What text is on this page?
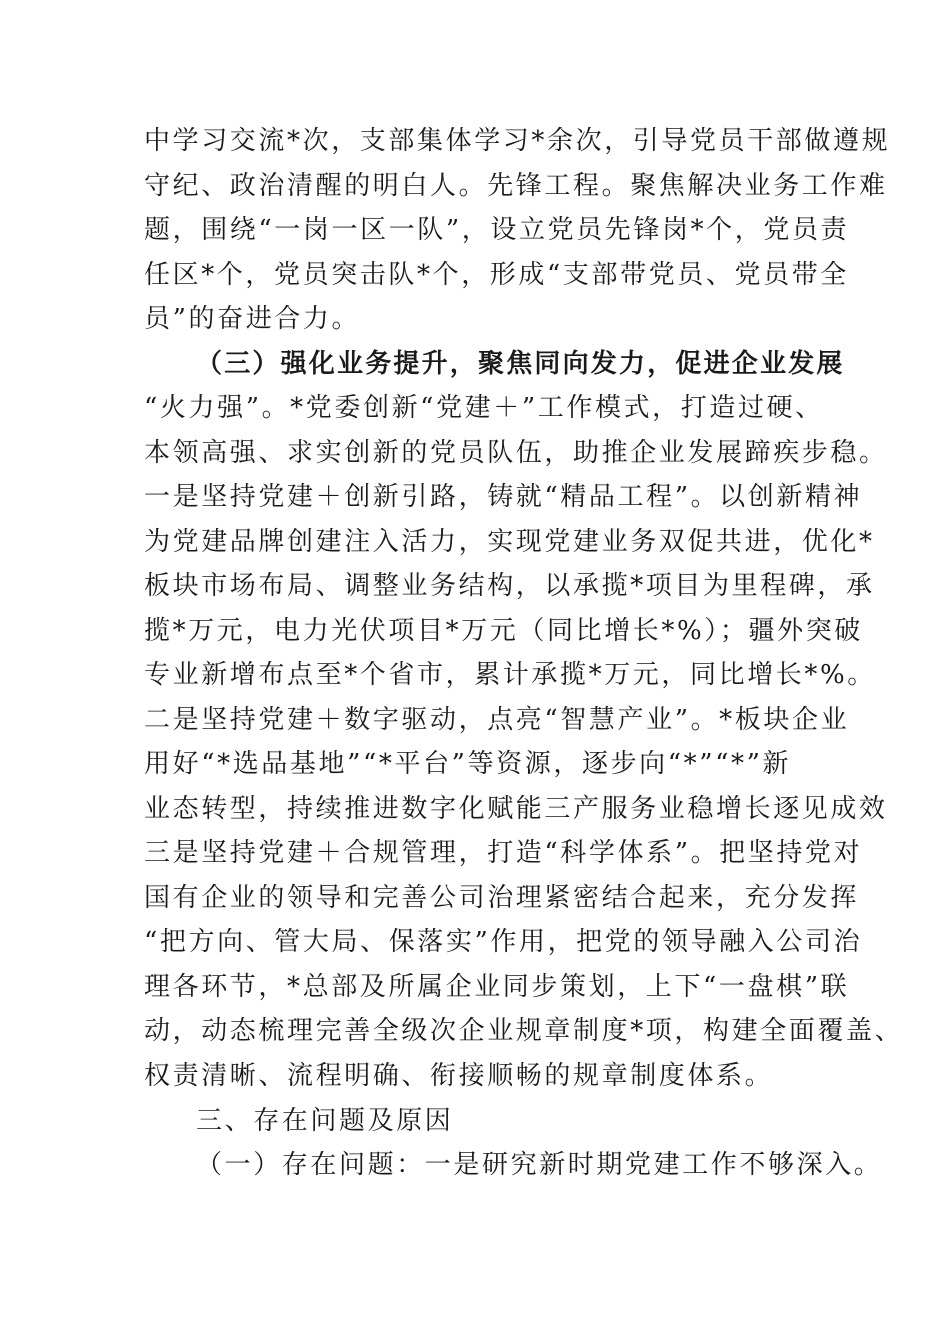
中学习交流*次，支部集体学习*余次，引导党员干部做遵规
守纪、政治清醒的明白人。先锋工程。聚焦解决业务工作难
题，围绕“一岗一区一队”，设立党员先锋岗*个，党员责
任区*个，党员突击队*个，形成“支部带党员、党员带全
员”的奋进合力。
（三）强化业务提升，聚焦同向发力，促进企业发展
“火力强”。*党委创新“党建＋”工作模式，打造过硬、
本领高强、求实创新的党员队伍，助推企业发展蹄疾步稳。
一是坚持党建＋创新引路，铸就“精品工程”。以创新精神
为党建品牌创建注入活力，实现党建业务双促共进，优化*
板块市场布局、调整业务结构，以承揽*项目为里程碑，承
揽*万元，电力光伏项目*万元（同比增长*%）；疆外突破
专业新增布点至*个省市，累计承揽*万元，同比增长*%。
二是坚持党建＋数字驱动，点亮“智慧产业”。*板块企业
用好“*选品基地”“*平台”等资源，逐步向“*”“*”新
业态转型，持续推进数字化赋能三产服务业稳增长逐见成效
三是坚持党建＋合规管理，打造“科学体系”。把坚持党对
国有企业的领导和完善公司治理紧密结合起来，充分发挥
“把方向、管大局、保落实”作用，把党的领导融入公司治
理各环节，*总部及所属企业同步策划，上下“一盘棋”联
动，动态梳理完善全级次企业规章制度*项，构建全面覆盖、
权责清晰、流程明确、衔接顺畅的规章制度体系。
三、存在问题及原因
（一）存在问题：一是研究新时期党建工作不够深入。
